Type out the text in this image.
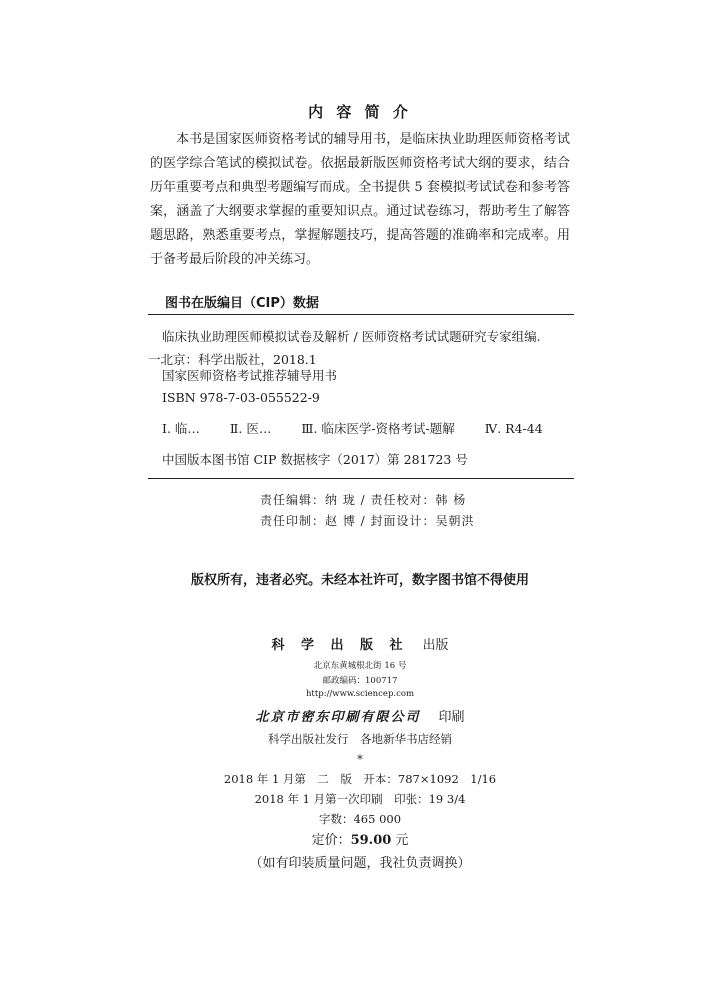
内 容 简 介

本书是国家医师资格考试的辅导用书，是临床执业助理医师资格考试的医学综合笔试的模拟试卷。依据最新版医师资格考试大纲的要求，结合历年重要考点和典型考题编写而成。全书提供 5 套模拟考试试卷和参考答案，涵盖了大纲要求掌握的重要知识点。通过试卷练习，帮助考生了解答题思路，熟悉重要考点，掌握解题技巧，提高答题的准确率和完成率。用于备考最后阶段的冲关练习。

图书在版编目（CIP）数据
临床执业助理医师模拟试卷及解析 / 医师资格考试试题研究专家组编.
一北京：科学出版社，2018.1
国家医师资格考试推荐辅导用书
ISBN 978-7-03-055522-9
Ⅰ. 临… Ⅱ. 医… Ⅲ. 临床医学-资格考试-题解 Ⅳ. R4-44
中国版本图书馆 CIP 数据核字（2017）第 281723 号
责任编辑：纳 珑 / 责任校对：韩 杨
责任印制：赵 博 / 封面设计：吴朝洪
版权所有，违者必究。未经本社许可，数字图书馆不得使用
科 学 出 版 社 出版
北京东黄城根北街 16 号
邮政编码：100717
http://www.sciencep.com
北京市密东印刷有限公司 印刷
科学出版社发行　各地新华书店经销
*
2018 年 1 月第　二　版　开本：787×1092　1/16
2018 年 1 月第一次印刷　印张：19 3/4
字数：465 000
定价：59.00 元
（如有印装质量问题，我社负责调换）
